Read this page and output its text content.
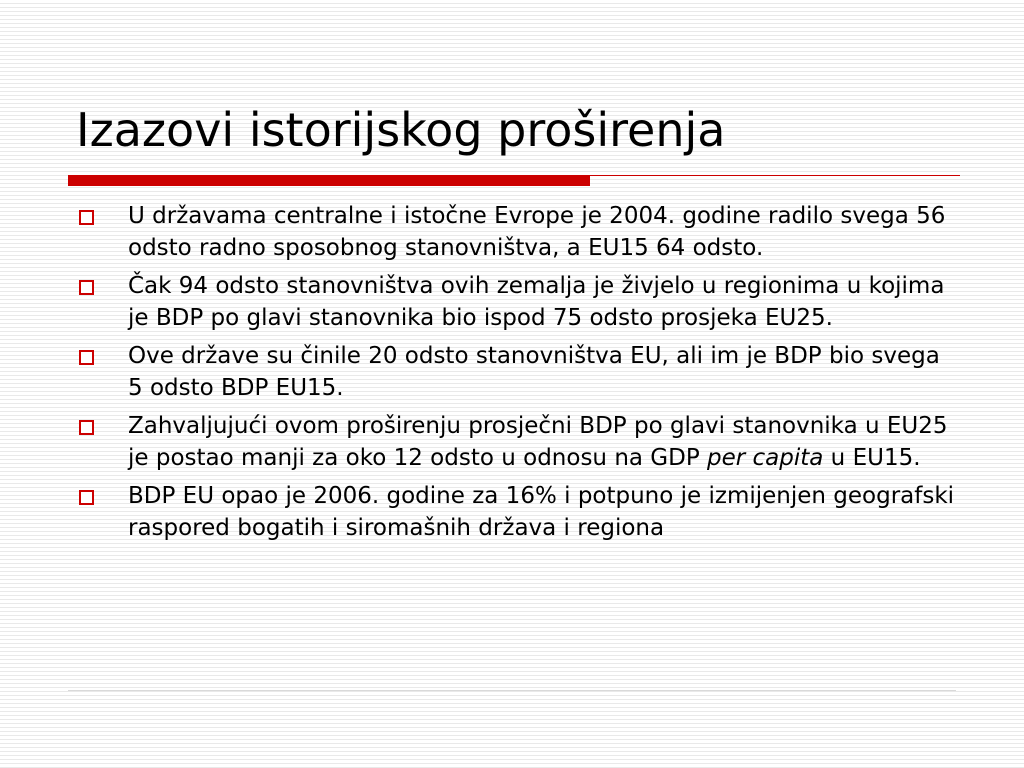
Izazovi istorijskog proširenja
U državama centralne i istočne Evrope je 2004. godine radilo svega 56 odsto radno sposobnog stanovništva, a EU15 64 odsto.
Čak 94 odsto stanovništva ovih zemalja je živjelo u regionima u kojima je BDP po glavi stanovnika bio ispod 75 odsto prosjeka EU25.
Ove države su činile 20 odsto stanovništva EU, ali im je BDP bio svega 5 odsto BDP EU15.
Zahvaljujući ovom proširenju prosječni BDP po glavi stanovnika u EU25 je postao manji za oko 12 odsto u odnosu na GDP per capita u EU15.
BDP EU opao je 2006. godine za 16% i potpuno je izmijenjen geografski raspored bogatih i siromašnih država i regiona
